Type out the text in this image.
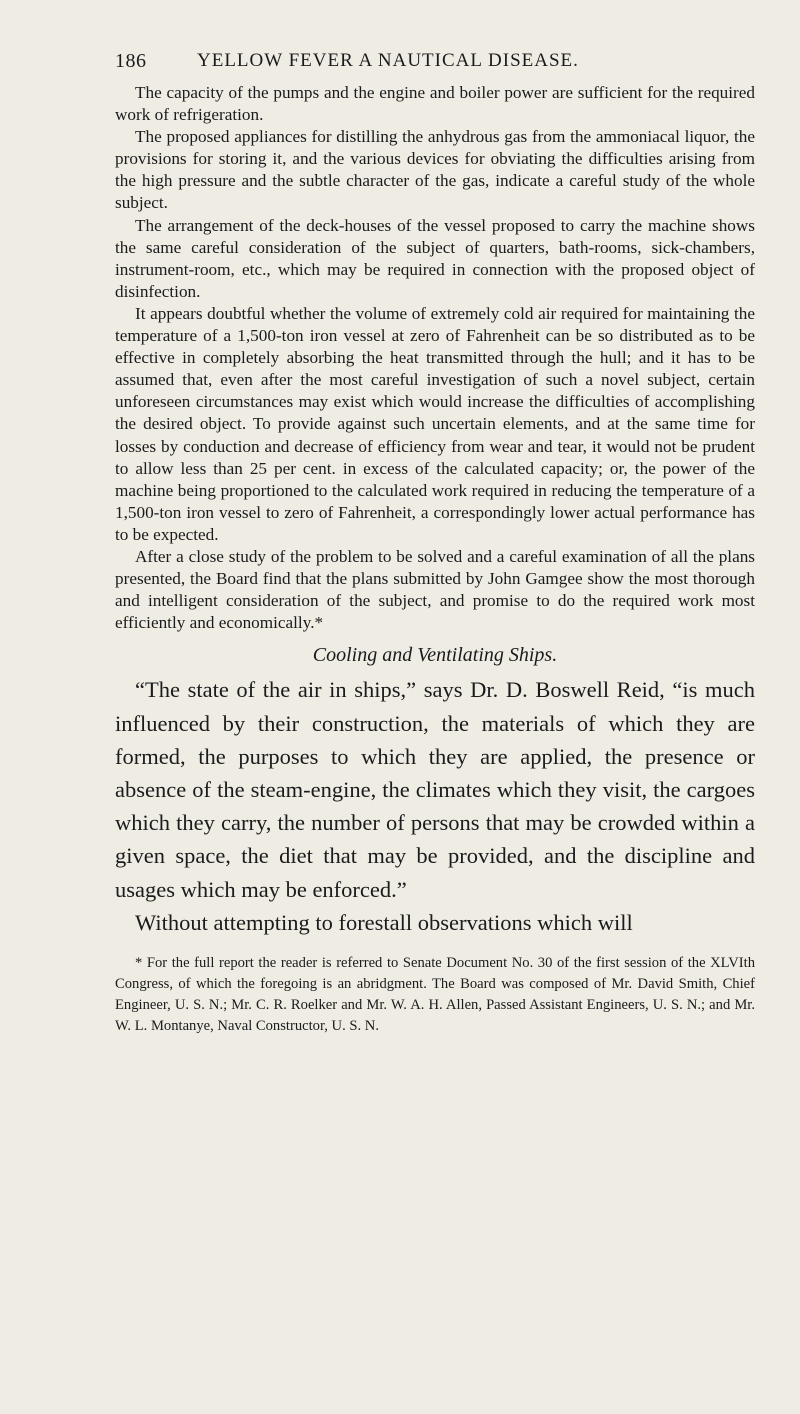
186	YELLOW FEVER A NAUTICAL DISEASE.

The capacity of the pumps and the engine and boiler power are sufficient for the required work of refrigeration.

The proposed appliances for distilling the anhydrous gas from the ammoniacal liquor, the provisions for storing it, and the various devices for obviating the difficulties arising from the high pressure and the subtle character of the gas, indicate a careful study of the whole subject.

The arrangement of the deck-houses of the vessel proposed to carry the machine shows the same careful consideration of the subject of quarters, bath-rooms, sick-chambers, instrument-room, etc., which may be required in connection with the proposed object of disinfection.

It appears doubtful whether the volume of extremely cold air required for maintaining the temperature of a 1,500-ton iron vessel at zero of Fahrenheit can be so distributed as to be effective in completely absorbing the heat transmitted through the hull; and it has to be assumed that, even after the most careful investigation of such a novel subject, certain unforeseen circumstances may exist which would increase the difficulties of accomplishing the desired object. To provide against such uncertain elements, and at the same time for losses by conduction and decrease of efficiency from wear and tear, it would not be prudent to allow less than 25 per cent. in excess of the calculated capacity; or, the power of the machine being proportioned to the calculated work required in reducing the temperature of a 1,500-ton iron vessel to zero of Fahrenheit, a correspondingly lower actual performance has to be expected.

After a close study of the problem to be solved and a careful examination of all the plans presented, the Board find that the plans submitted by John Gamgee show the most thorough and intelligent consideration of the subject, and promise to do the required work most efficiently and economically.*

Cooling and Ventilating Ships.

“The state of the air in ships,” says Dr. D. Boswell Reid, “is much influenced by their construction, the materials of which they are formed, the purposes to which they are applied, the presence or absence of the steam-engine, the climates which they visit, the cargoes which they carry, the number of persons that may be crowded within a given space, the diet that may be provided, and the discipline and usages which may be enforced.”

Without attempting to forestall observations which will

* For the full report the reader is referred to Senate Document No. 30 of the first session of the XLVIth Congress, of which the foregoing is an abridgment. The Board was composed of Mr. David Smith, Chief Engineer, U. S. N.; Mr. C. R. Roelker and Mr. W. A. H. Allen, Passed Assistant Engineers, U. S. N.; and Mr. W. L. Montanye, Naval Constructor, U. S. N.
